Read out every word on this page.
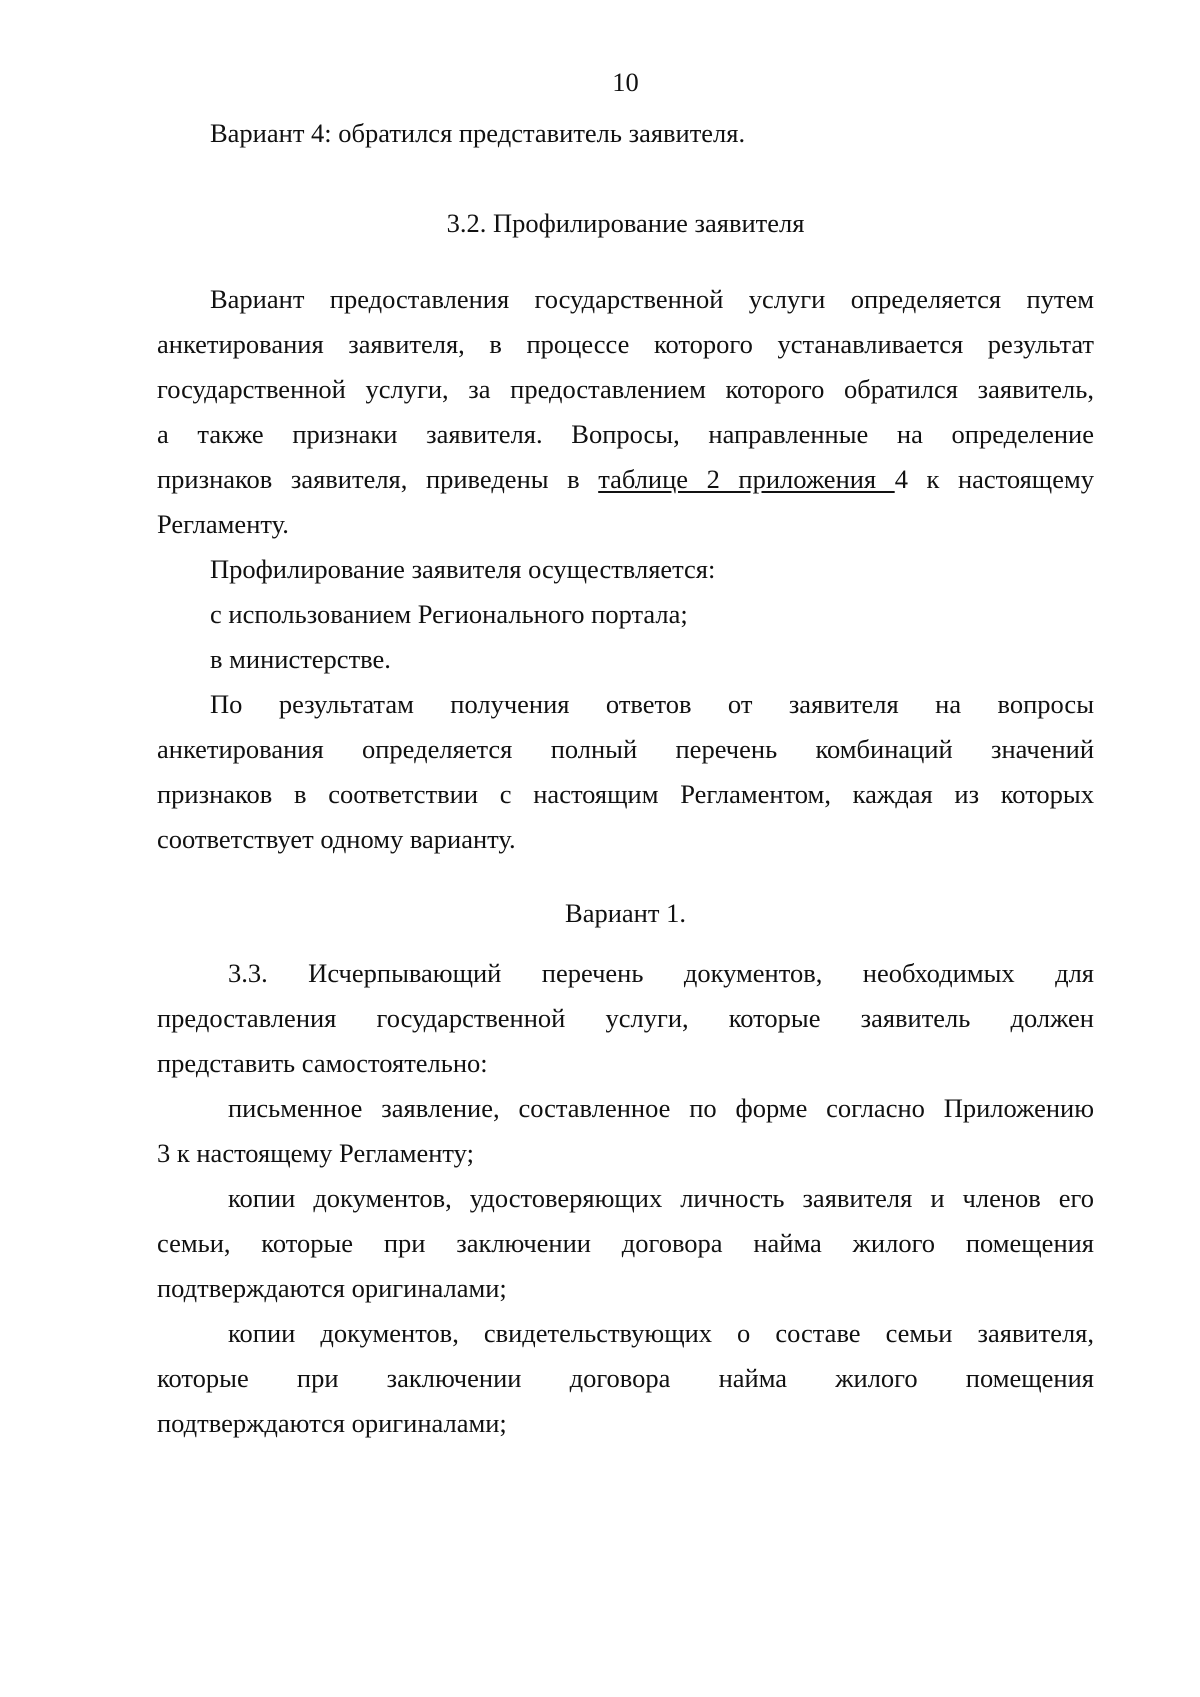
10
Вариант 4: обратился представитель заявителя.
3.2. Профилирование заявителя
Вариант предоставления государственной услуги определяется путем
анкетирования заявителя, в процессе которого устанавливается результат
государственной услуги, за предоставлением которого обратился заявитель,
а также признаки заявителя. Вопросы, направленные на определение
признаков заявителя, приведены в таблице 2 приложения 4 к настоящему
Регламенту.
Профилирование заявителя осуществляется:
с использованием Регионального портала;
в министерстве.
По результатам получения ответов от заявителя на вопросы
анкетирования определяется полный перечень комбинаций значений
признаков в соответствии с настоящим Регламентом, каждая из которых
соответствует одному варианту.
Вариант 1.
3.3. Исчерпывающий перечень документов, необходимых для
предоставления государственной услуги, которые заявитель должен
представить самостоятельно:
письменное заявление, составленное по форме согласно Приложению
3 к настоящему Регламенту;
копии документов, удостоверяющих личность заявителя и членов его
семьи, которые при заключении договора найма жилого помещения
подтверждаются оригиналами;
копии документов, свидетельствующих о составе семьи заявителя,
которые при заключении договора найма жилого помещения
подтверждаются оригиналами;
